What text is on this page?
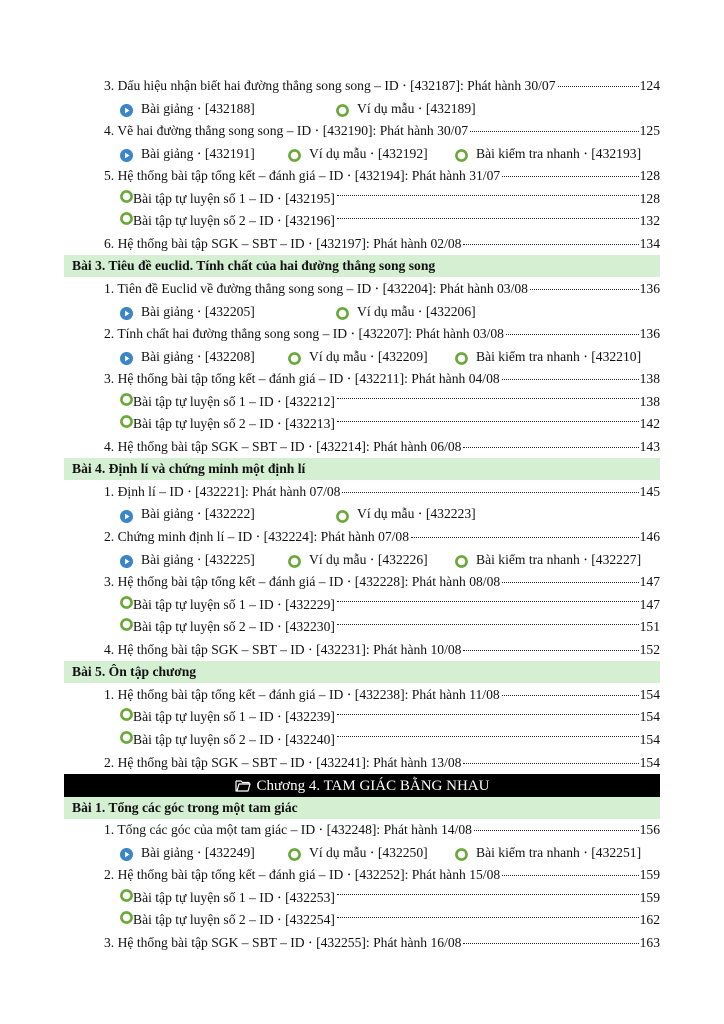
3. Dấu hiệu nhận biết hai đường thẳng song song – ID ⋅ [432187]: Phát hành 30/07	124
Bài giảng ⋅ [432188]	Ví dụ mẫu ⋅ [432189]
4. Vẽ hai đường thẳng song song – ID ⋅ [432190]: Phát hành 30/07	125
Bài giảng ⋅ [432191]	Ví dụ mẫu ⋅ [432192]	Bài kiểm tra nhanh ⋅ [432193]
5. Hệ thống bài tập tổng kết – đánh giá – ID ⋅ [432194]: Phát hành 31/07	128
Bài tập tự luyện số 1 – ID ⋅ [432195]	128
Bài tập tự luyện số 2 – ID ⋅ [432196]	132
6. Hệ thống bài tập SGK – SBT – ID ⋅ [432197]: Phát hành 02/08	134
Bài 3. Tiêu đề euclid. Tính chất của hai đường thẳng song song
1. Tiên đề Euclid về đường thẳng song song – ID ⋅ [432204]: Phát hành 03/08	136
Bài giảng ⋅ [432205]	Ví dụ mẫu ⋅ [432206]
2. Tính chất hai đường thẳng song song – ID ⋅ [432207]: Phát hành 03/08	136
Bài giảng ⋅ [432208]	Ví dụ mẫu ⋅ [432209]	Bài kiểm tra nhanh ⋅ [432210]
3. Hệ thống bài tập tổng kết – đánh giá – ID ⋅ [432211]: Phát hành 04/08	138
Bài tập tự luyện số 1 – ID ⋅ [432212]	138
Bài tập tự luyện số 2 – ID ⋅ [432213]	142
4. Hệ thống bài tập SGK – SBT – ID ⋅ [432214]: Phát hành 06/08	143
Bài 4. Định lí và chứng minh một định lí
1. Định lí – ID ⋅ [432221]: Phát hành 07/08	145
Bài giảng ⋅ [432222]	Ví dụ mẫu ⋅ [432223]
2. Chứng minh định lí – ID ⋅ [432224]: Phát hành 07/08	146
Bài giảng ⋅ [432225]	Ví dụ mẫu ⋅ [432226]	Bài kiểm tra nhanh ⋅ [432227]
3. Hệ thống bài tập tổng kết – đánh giá – ID ⋅ [432228]: Phát hành 08/08	147
Bài tập tự luyện số 1 – ID ⋅ [432229]	147
Bài tập tự luyện số 2 – ID ⋅ [432230]	151
4. Hệ thống bài tập SGK – SBT – ID ⋅ [432231]: Phát hành 10/08	152
Bài 5. Ôn tập chương
1. Hệ thống bài tập tổng kết – đánh giá – ID ⋅ [432238]: Phát hành 11/08	154
Bài tập tự luyện số 1 – ID ⋅ [432239]	154
Bài tập tự luyện số 2 – ID ⋅ [432240]	154
2. Hệ thống bài tập SGK – SBT – ID ⋅ [432241]: Phát hành 13/08	154
Chương 4. TAM GIÁC BẰNG NHAU
Bài 1. Tổng các góc trong một tam giác
1. Tổng các góc của một tam giác – ID ⋅ [432248]: Phát hành 14/08	156
Bài giảng ⋅ [432249]	Ví dụ mẫu ⋅ [432250]	Bài kiểm tra nhanh ⋅ [432251]
2. Hệ thống bài tập tổng kết – đánh giá – ID ⋅ [432252]: Phát hành 15/08	159
Bài tập tự luyện số 1 – ID ⋅ [432253]	159
Bài tập tự luyện số 2 – ID ⋅ [432254]	162
3. Hệ thống bài tập SGK – SBT – ID ⋅ [432255]: Phát hành 16/08	163
